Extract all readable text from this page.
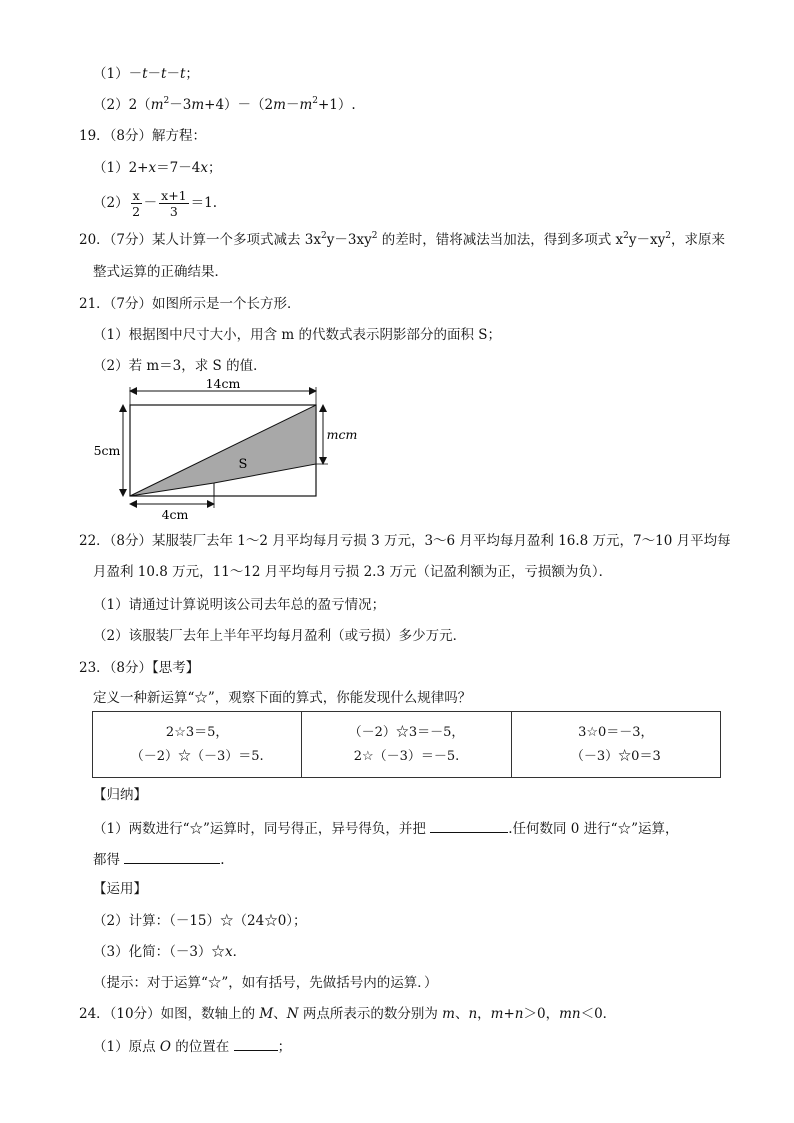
（1）－t－t－t；
$(2)2(m^2-3m+4)-(2m-m^2+1)$.
19．（8分）解方程：
（1）2+x＝7－4x；
$(2) \frac{x}{2} - \frac{x+1}{3} =1$.
20．（7分）某人计算一个多项式减去 $3x^2y-3xy^2$ 的差时，错将减法当加法，得到多项式 $x^2y-xy^2$，求原来
整式运算的正确结果．
21．（7分）如图所示是一个长方形．
（1）根据图中尺寸大小，用含 m 的代数式表示阴影部分的面积 S；
（2）若 m＝3，求 S 的值．
14cm
5cm
mcm
4cm
S
22．（8分）某服装厂去年 1～2 月平均每月亏损 3 万元，3～6 月平均每月盈利 16.8 万元，7～10 月平均每
月盈利 10.8 万元，11～12 月平均每月亏损 2.3 万元（记盈利额为正，亏损额为负）．
（1）请通过计算说明该公司去年总的盈亏情况；
（2）该服装厂去年上半年平均每月盈利（或亏损）多少万元．
23．（8分）【思考】
定义一种新运算“☆”，观察下面的算式，你能发现什么规律吗？
2☆3＝5，
（－2）☆（－3）＝5.

（－2）☆3＝－5，
2☆（－3）＝－5.

3☆0＝－3，
（－3）☆0＝3
【归纳】
（1）两数进行“☆”运算时，同号得正，异号得负，并把	.任何数同 0 进行“☆”运算，
都得	.
【运用】
（2）计算：（－15）☆（24☆0）；
（3）化简：（－3）☆x．
（提示：对于运算“☆”，如有括号，先做括号内的运算．）
24．（10分）如图，数轴上的 M、N 两点所表示的数分别为 m、n，m+n＞0，mn＜0．
（1）原点 O 的位置在	；
